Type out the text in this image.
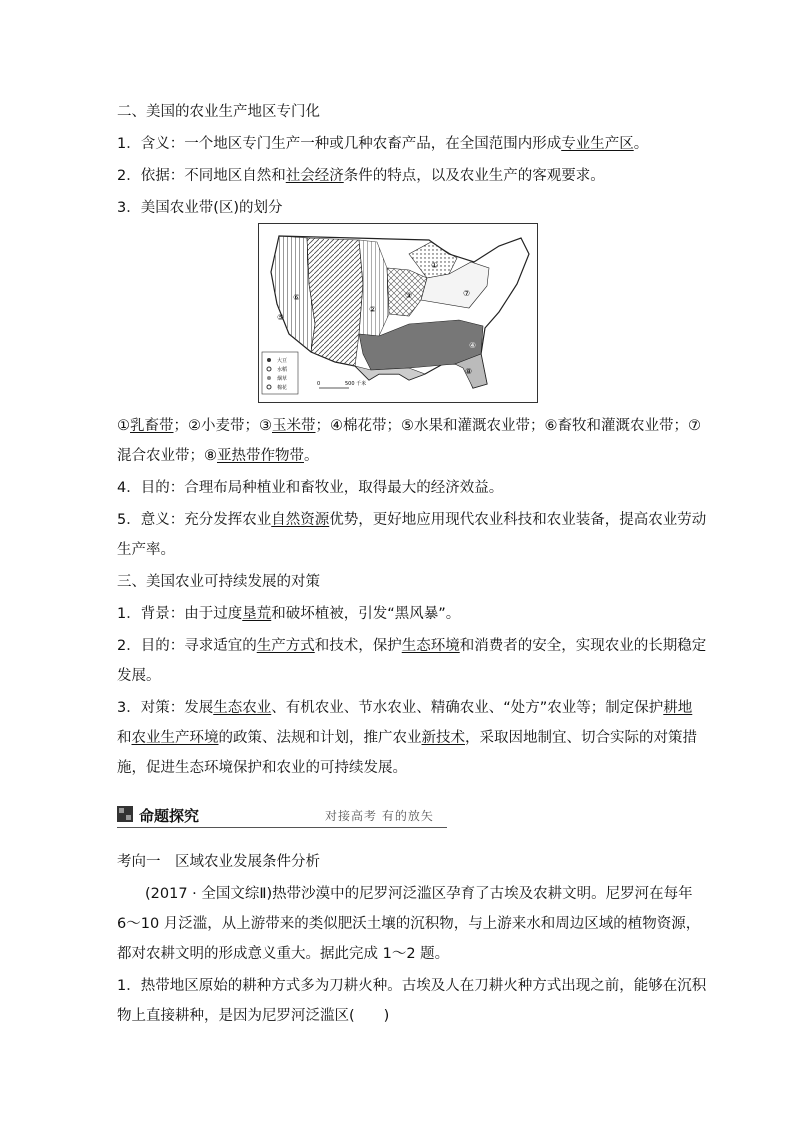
二、美国的农业生产地区专门化
1．含义：一个地区专门生产一种或几种农畜产品，在全国范围内形成专业生产区。
2．依据：不同地区自然和社会经济条件的特点，以及农业生产的客观要求。
3．美国农业带(区)的划分
⑥
⑤
②
③
①
⑦
④
⑧
大豆
水稻
烟草
棉花
0	500 千米
①乳畜带；②小麦带；③玉米带；④棉花带；⑤水果和灌溉农业带；⑥畜牧和灌溉农业带；⑦
混合农业带；⑧亚热带作物带。
4．目的：合理布局种植业和畜牧业，取得最大的经济效益。
5．意义：充分发挥农业自然资源优势，更好地应用现代农业科技和农业装备，提高农业劳动
生产率。
三、美国农业可持续发展的对策
1．背景：由于过度垦荒和破坏植被，引发“黑风暴”。
2．目的：寻求适宜的生产方式和技术，保护生态环境和消费者的安全，实现农业的长期稳定
发展。
3．对策：发展生态农业、有机农业、节水农业、精确农业、“处方”农业等；制定保护耕地
和农业生产环境的政策、法规和计划，推广农业新技术，采取因地制宜、切合实际的对策措
施，促进生态环境保护和农业的可持续发展。
命题探究	对接高考 有的放矢
考向一　区域农业发展条件分析
(2017 · 全国文综Ⅱ)热带沙漠中的尼罗河泛滥区孕育了古埃及农耕文明。尼罗河在每年
6～10 月泛滥，从上游带来的类似肥沃土壤的沉积物，与上游来水和周边区域的植物资源，
都对农耕文明的形成意义重大。据此完成 1～2 题。
1．热带地区原始的耕种方式多为刀耕火种。古埃及人在刀耕火种方式出现之前，能够在沉积
物上直接耕种，是因为尼罗河泛滥区(　　)
